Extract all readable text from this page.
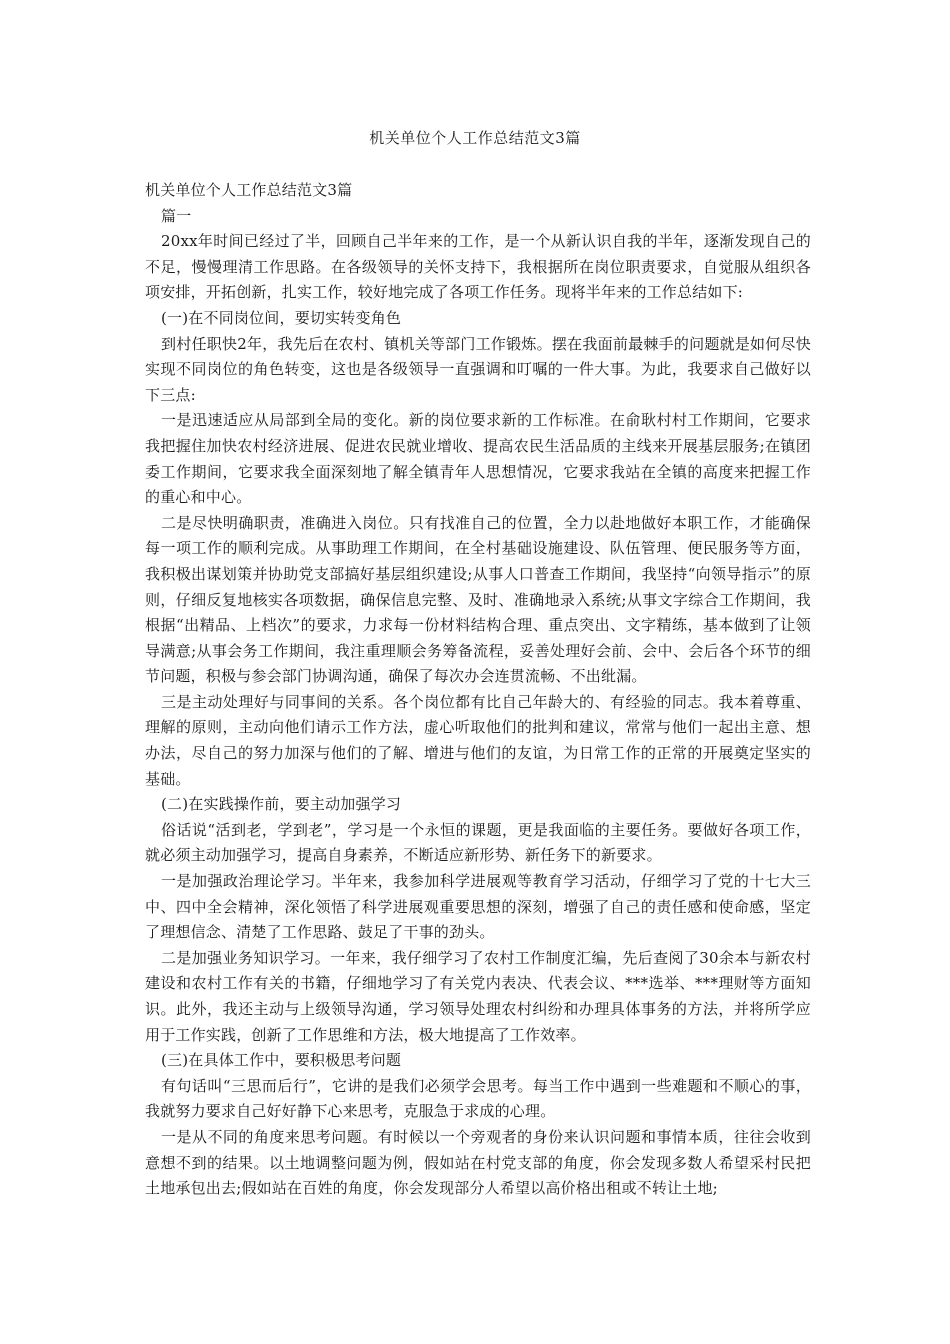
机关单位个人工作总结范文3篇

机关单位个人工作总结范文3篇

篇一

20xx年时间已经过了半，回顾自己半年来的工作，是一个从新认识自我的半年，逐渐发现自己的不足，慢慢理清工作思路。在各级领导的关怀支持下，我根据所在岗位职责要求，自觉服从组织各项安排，开拓创新，扎实工作，较好地完成了各项工作任务。现将半年来的工作总结如下:

(一)在不同岗位间，要切实转变角色

到村任职快2年，我先后在农村、镇机关等部门工作锻炼。摆在我面前最棘手的问题就是如何尽快实现不同岗位的角色转变，这也是各级领导一直强调和叮嘱的一件大事。为此，我要求自己做好以下三点:

一是迅速适应从局部到全局的变化。新的岗位要求新的工作标准。在俞耿村村工作期间，它要求我把握住加快农村经济进展、促进农民就业增收、提高农民生活品质的主线来开展基层服务;在镇团委工作期间，它要求我全面深刻地了解全镇青年人思想情况，它要求我站在全镇的高度来把握工作的重心和中心。

二是尽快明确职责，准确进入岗位。只有找准自己的位置，全力以赴地做好本职工作，才能确保每一项工作的顺利完成。从事助理工作期间，在全村基础设施建设、队伍管理、便民服务等方面，我积极出谋划策并协助党支部搞好基层组织建设;从事人口普查工作期间，我坚持“向领导指示”的原则，仔细反复地核实各项数据，确保信息完整、及时、准确地录入系统;从事文字综合工作期间，我根据“出精品、上档次”的要求，力求每一份材料结构合理、重点突出、文字精练，基本做到了让领导满意;从事会务工作期间，我注重理顺会务筹备流程，妥善处理好会前、会中、会后各个环节的细节问题，积极与参会部门协调沟通，确保了每次办会连贯流畅、不出纰漏。

三是主动处理好与同事间的关系。各个岗位都有比自己年龄大的、有经验的同志。我本着尊重、理解的原则，主动向他们请示工作方法，虚心听取他们的批判和建议，常常与他们一起出主意、想办法，尽自己的努力加深与他们的了解、增进与他们的友谊，为日常工作的正常的开展奠定坚实的基础。

(二)在实践操作前，要主动加强学习

俗话说“活到老，学到老”，学习是一个永恒的课题，更是我面临的主要任务。要做好各项工作，就必须主动加强学习，提高自身素养，不断适应新形势、新任务下的新要求。

一是加强政治理论学习。半年来，我参加科学进展观等教育学习活动，仔细学习了党的十七大三中、四中全会精神，深化领悟了科学进展观重要思想的深刻，增强了自己的责任感和使命感，坚定了理想信念、清楚了工作思路、鼓足了干事的劲头。

二是加强业务知识学习。一年来，我仔细学习了农村工作制度汇编，先后查阅了30余本与新农村建设和农村工作有关的书籍，仔细地学习了有关党内表决、代表会议、***选举、***理财等方面知识。此外，我还主动与上级领导沟通，学习领导处理农村纠纷和办理具体事务的方法，并将所学应用于工作实践，创新了工作思维和方法，极大地提高了工作效率。

(三)在具体工作中，要积极思考问题

有句话叫“三思而后行”，它讲的是我们必须学会思考。每当工作中遇到一些难题和不顺心的事，我就努力要求自己好好静下心来思考，克服急于求成的心理。

一是从不同的角度来思考问题。有时候以一个旁观者的身份来认识问题和事情本质，往往会收到意想不到的结果。以土地调整问题为例，假如站在村党支部的角度，你会发现多数人希望采村民把土地承包出去;假如站在百姓的角度，你会发现部分人希望以高价格出租或不转让土地;
